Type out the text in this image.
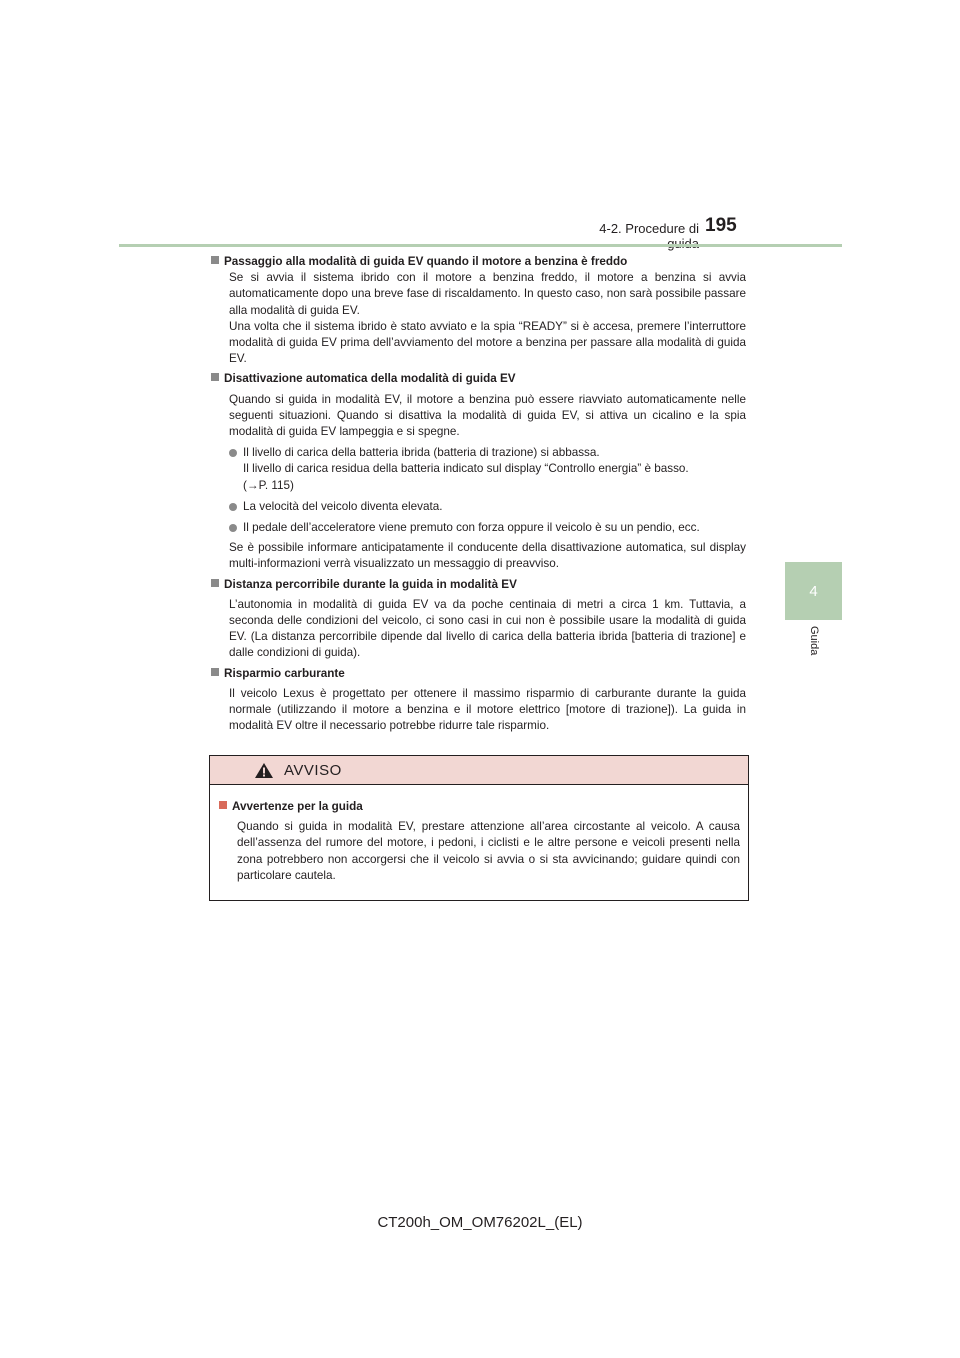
4-2. Procedure di 195
4
Guida
Passaggio alla modalità di guida EV quando il motore a benzina è freddo
Se si avvia il sistema ibrido con il motore a benzina freddo, il motore a benzina si avvia automaticamente dopo una breve fase di riscaldamento. In questo caso, non sarà possibile passare alla modalità di guida EV.
Una volta che il sistema ibrido è stato avviato e la spia “READY” si è accesa, premere l’interruttore modalità di guida EV prima dell’avviamento del motore a benzina per passare alla modalità di guida EV.
Disattivazione automatica della modalità di guida EV
Quando si guida in modalità EV, il motore a benzina può essere riavviato automaticamente nelle seguenti situazioni. Quando si disattiva la modalità di guida EV, si attiva un cicalino e la spia modalità di guida EV lampeggia e si spegne.
Il livello di carica della batteria ibrida (batteria di trazione) si abbassa.
Il livello di carica residua della batteria indicato sul display “Controllo energia” è basso.
(→P. 115)
La velocità del veicolo diventa elevata.
Il pedale dell’acceleratore viene premuto con forza oppure il veicolo è su un pendio, ecc.
Se è possibile informare anticipatamente il conducente della disattivazione automatica, sul display multi-informazioni verrà visualizzato un messaggio di preavviso.
Distanza percorribile durante la guida in modalità EV
L’autonomia in modalità di guida EV va da poche centinaia di metri a circa 1 km. Tuttavia, a seconda delle condizioni del veicolo, ci sono casi in cui non è possibile usare la modalità di guida EV. (La distanza percorribile dipende dal livello di carica della batteria ibrida [batteria di trazione] e dalle condizioni di guida).
Risparmio carburante
Il veicolo Lexus è progettato per ottenere il massimo risparmio di carburante durante la guida normale (utilizzando il motore a benzina e il motore elettrico [motore di trazione]). La guida in modalità EV oltre il necessario potrebbe ridurre tale risparmio.
AVVISO
Avvertenze per la guida
Quando si guida in modalità EV, prestare attenzione all’area circostante al veicolo. A causa dell’assenza del rumore del motore, i pedoni, i ciclisti e le altre persone e veicoli presenti nella zona potrebbero non accorgersi che il veicolo si avvia o si sta avvicinando; guidare quindi con particolare cautela.
CT200h_OM_OM76202L_(EL)
